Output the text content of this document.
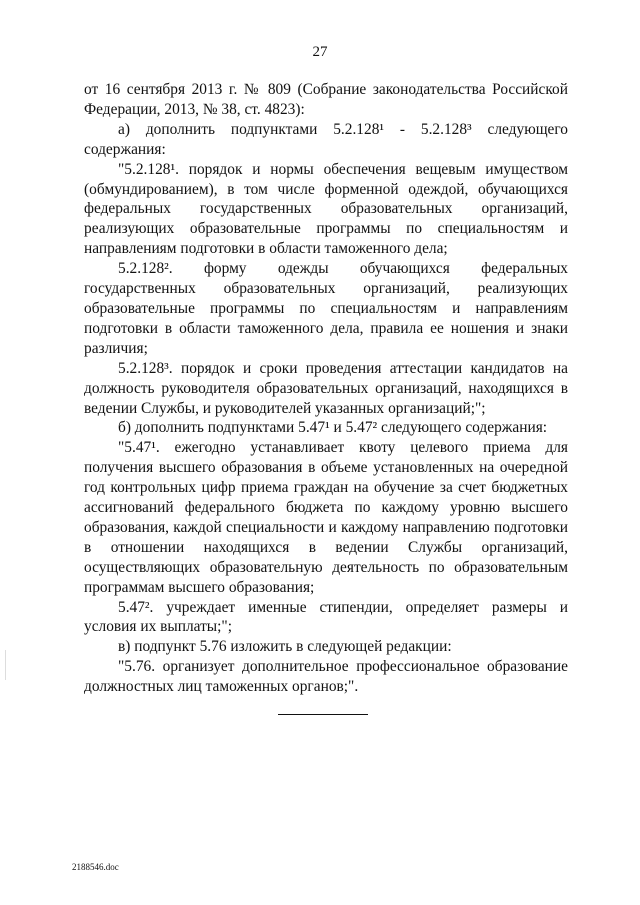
27

от 16 сентября 2013 г. № 809 (Собрание законодательства Российской Федерации, 2013, № 38, ст. 4823):

а) дополнить подпунктами 5.2.128¹ - 5.2.128³ следующего содержания:

"5.2.128¹. порядок и нормы обеспечения вещевым имуществом (обмундированием), в том числе форменной одеждой, обучающихся федеральных государственных образовательных организаций, реализующих образовательные программы по специальностям и направлениям подготовки в области таможенного дела;

5.2.128². форму одежды обучающихся федеральных государственных образовательных организаций, реализующих образовательные программы по специальностям и направлениям подготовки в области таможенного дела, правила ее ношения и знаки различия;

5.2.128³. порядок и сроки проведения аттестации кандидатов на должность руководителя образовательных организаций, находящихся в ведении Службы, и руководителей указанных организаций;";

б) дополнить подпунктами 5.47¹ и 5.47² следующего содержания:

"5.47¹. ежегодно устанавливает квоту целевого приема для получения высшего образования в объеме установленных на очередной год контрольных цифр приема граждан на обучение за счет бюджетных ассигнований федерального бюджета по каждому уровню высшего образования, каждой специальности и каждому направлению подготовки в отношении находящихся в ведении Службы организаций, осуществляющих образовательную деятельность по образовательным программам высшего образования;

5.47². учреждает именные стипендии, определяет размеры и условия их выплаты;";

в) подпункт 5.76 изложить в следующей редакции:

"5.76. организует дополнительное профессиональное образование должностных лиц таможенных органов;".

2188546.doc
